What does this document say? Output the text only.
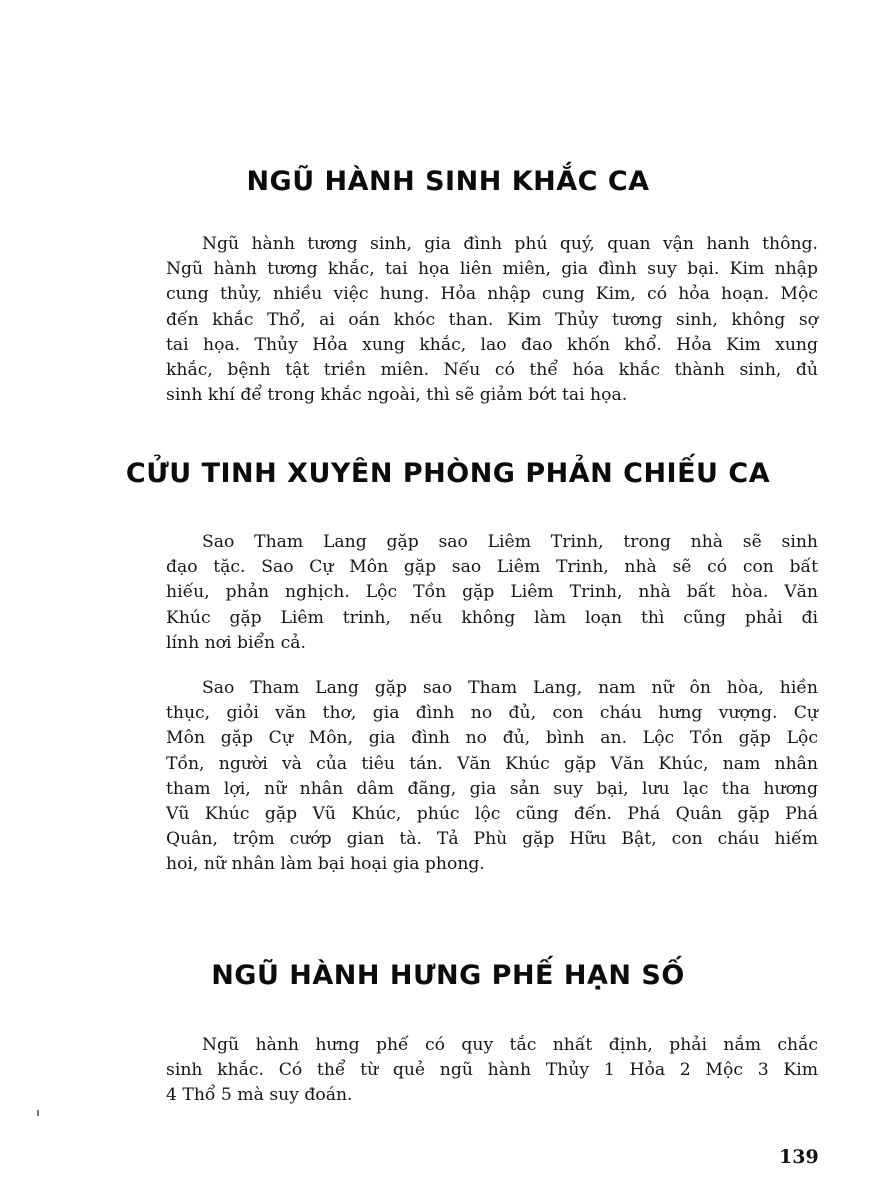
NGŨ HÀNH SINH KHẮC CA
Ngũ hành tương sinh, gia đình phú quý, quan vận hanh thông.
Ngũ hành tương khắc, tai họa liên miên, gia đình suy bại. Kim nhập
cung thủy, nhiều việc hung. Hỏa nhập cung Kim, có hỏa hoạn. Mộc
đến khắc Thổ, ai oán khóc than. Kim Thủy tương sinh, không sợ
tai họa. Thủy Hỏa xung khắc, lao đao khốn khổ. Hỏa Kim xung
khắc, bệnh tật triền miên. Nếu có thể hóa khắc thành sinh, đủ
sinh khí để trong khắc ngoài, thì sẽ giảm bớt tai họa.
CỬU TINH XUYÊN PHÒNG PHẢN CHIẾU CA
Sao Tham Lang gặp sao Liêm Trinh, trong nhà sẽ sinh
đạo tặc. Sao Cự Môn gặp sao Liêm Trinh, nhà sẽ có con bất
hiếu, phản nghịch. Lộc Tồn gặp Liêm Trinh, nhà bất hòa. Văn
Khúc gặp Liêm trinh, nếu không làm loạn thì cũng phải đi
lính nơi biển cả.
Sao Tham Lang gặp sao Tham Lang, nam nữ ôn hòa, hiền
thục, giỏi văn thơ, gia đình no đủ, con cháu hưng vượng. Cự
Môn gặp Cự Môn, gia đình no đủ, bình an. Lộc Tồn gặp Lộc
Tồn, người và của tiêu tán. Văn Khúc gặp Văn Khúc, nam nhân
tham lợi, nữ nhân dâm đãng, gia sản suy bại, lưu lạc tha hương
Vũ Khúc gặp Vũ Khúc, phúc lộc cũng đến. Phá Quân gặp Phá
Quân, trộm cướp gian tà. Tả Phù gặp Hữu Bật, con cháu hiếm
hoi, nữ nhân làm bại hoại gia phong.
NGŨ HÀNH HƯNG PHẾ HẠN SỐ
Ngũ hành hưng phế có quy tắc nhất định, phải nắm chắc
sinh khắc. Có thể từ quẻ ngũ hành Thủy 1 Hỏa 2 Mộc 3 Kim
4 Thổ 5 mà suy đoán.
139
